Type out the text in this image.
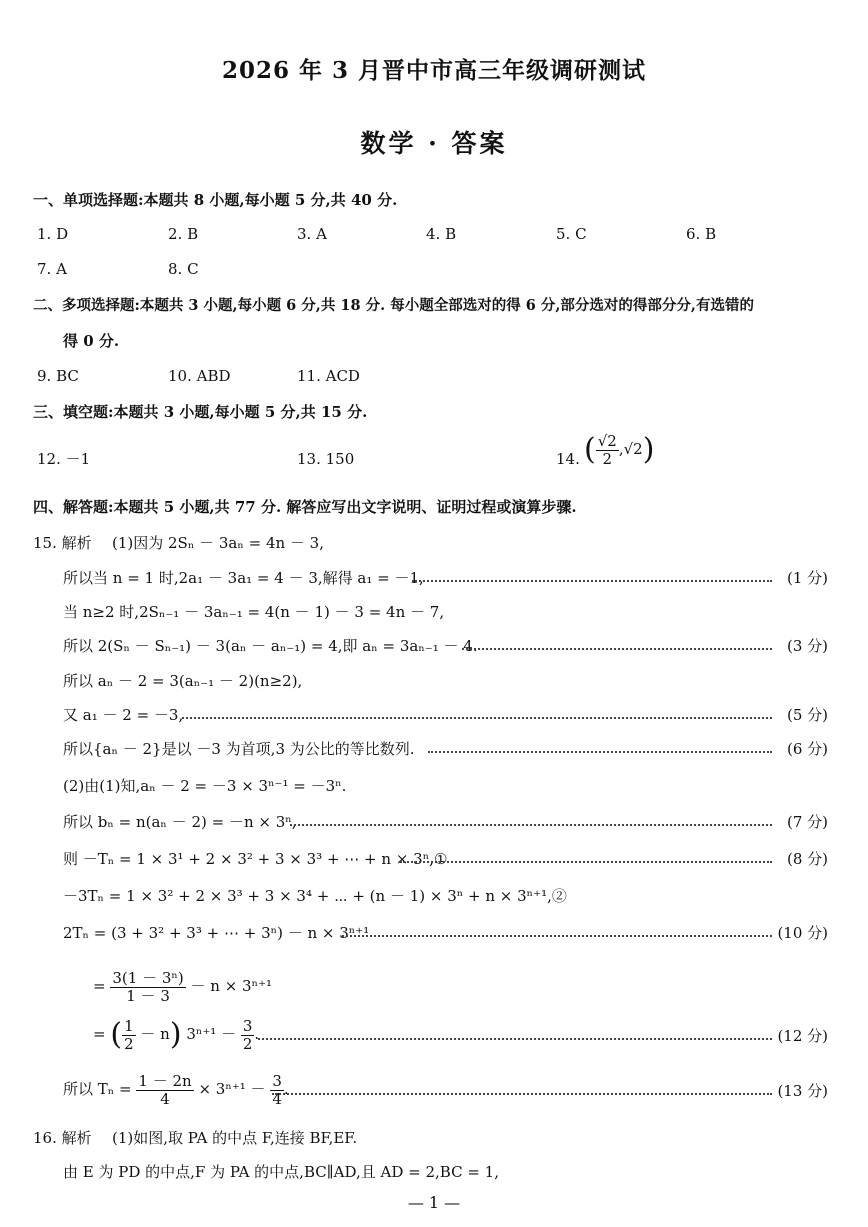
2026 年 3 月晋中市高三年级调研测试
数学 · 答案
一、单项选择题:本题共 8 小题,每小题 5 分,共 40 分.
1. D	2. B	3. A	4. B	5. C	6. B
7. A	8. C
二、多项选择题:本题共 3 小题,每小题 6 分,共 18 分. 每小题全部选对的得 6 分,部分选对的得部分分,有选错的
得 0 分.
9. BC	10. ABD	11. ACD
三、填空题:本题共 3 小题,每小题 5 分,共 15 分.
12. －1	13. 150	14. ( $\frac{√2}{2} ,√2$)
四、解答题:本题共 5 小题,共 77 分. 解答应写出文字说明、证明过程或演算步骤.
15. 解析 (1)因为 2Sₙ － 3aₙ = 4n － 3,
所以当 n = 1 时,2a₁ － 3a₁ = 4 － 3,解得 a₁ = －1,	(1 分)
当 n≥2 时,2Sₙ₋₁ － 3aₙ₋₁ = 4(n － 1) － 3 = 4n － 7,
所以 2(Sₙ － Sₙ₋₁) － 3(aₙ － aₙ₋₁) = 4,即 aₙ = 3aₙ₋₁ － 4.	(3 分)
所以 aₙ － 2 = 3(aₙ₋₁ － 2)(n≥2),
又 a₁ － 2 = －3,	(5 分)
所以{aₙ － 2}是以 －3 为首项,3 为公比的等比数列.	(6 分)
(2)由(1)知,aₙ － 2 = －3 × 3ⁿ⁻¹ = －3ⁿ.
所以 bₙ = n(aₙ － 2) = －n × 3ⁿ,	(7 分)
则 －Tₙ = 1 × 3¹ + 2 × 3² + 3 × 3³ + ⋯ + n × 3ⁿ,①	(8 分)
－3Tₙ = 1 × 3² + 2 × 3³ + 3 × 3⁴ + ⋯ + (n － 1) × 3ⁿ + n × 3ⁿ⁺¹,②
2Tₙ = (3 + 3² + 3³ + ⋯ + 3ⁿ) － n × 3ⁿ⁺¹	(10 分)
= $\frac{\text{3(1 － 3ⁿ)}}{1 - 3} - n \times 3^{n+1}$
= ( $\frac{1}{2} - n$) $3^{n+1} - \frac{3}{2}$ .	(12 分)
所以 $T_n = \frac{1 - 2n}{4} \times 3^{n+1} - \frac{3}{4}$ .	(13 分)
16. 解析 (1)如图,取 PA 的中点 F,连接 BF,EF.
由 E 为 PD 的中点,F 为 PA 的中点,BC∥AD,且 AD = 2,BC = 1,
— 1 —
